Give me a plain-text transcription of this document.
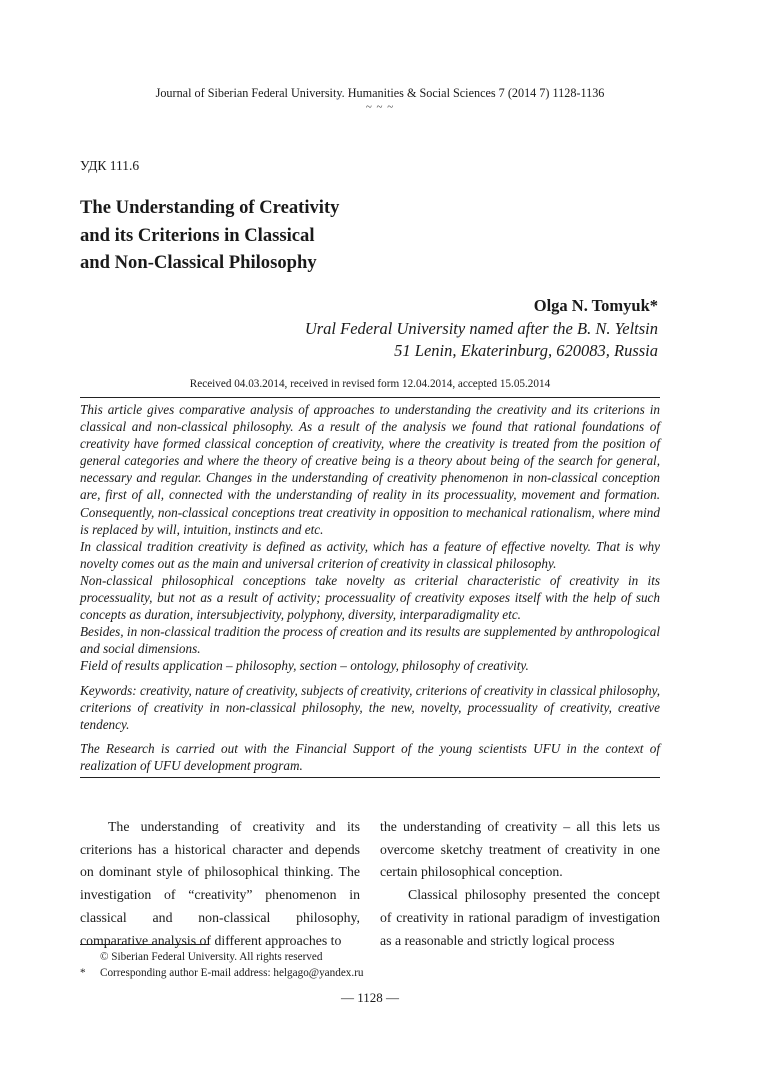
Journal of Siberian Federal University. Humanities & Social Sciences 7 (2014 7) 1128-1136
~ ~ ~
УДК 111.6
The Understanding of Creativity
and its Criterions in Classical
and Non-Classical Philosophy
Olga N. Tomyuk*
Ural Federal University named after the B. N. Yeltsin
51 Lenin, Ekaterinburg, 620083, Russia
Received 04.03.2014, received in revised form 12.04.2014, accepted 15.05.2014

This article gives comparative analysis of approaches to understanding the creativity and its criterions in classical and non-classical philosophy. As a result of the analysis we found that rational foundations of creativity have formed classical conception of creativity, where the creativity is treated from the position of general categories and where the theory of creative being is a theory about being of the search for general, necessary and regular. Changes in the understanding of creativity phenomenon in non-classical conception are, first of all, connected with the understanding of reality in its processuality, movement and formation. Consequently, non-classical conceptions treat creativity in opposition to mechanical rationalism, where mind is replaced by will, intuition, instincts and etc.

In classical tradition creativity is defined as activity, which has a feature of effective novelty. That is why novelty comes out as the main and universal criterion of creativity in classical philosophy.

Non-classical philosophical conceptions take novelty as criterial characteristic of creativity in its processuality, but not as a result of activity; processuality of creativity exposes itself with the help of such concepts as duration, intersubjectivity, polyphony, diversity, interparadigmality etc.

Besides, in non-classical tradition the process of creation and its results are supplemented by anthropological and social dimensions.

Field of results application – philosophy, section – ontology, philosophy of creativity.

Keywords: creativity, nature of creativity, subjects of creativity, criterions of creativity in classical philosophy, criterions of creativity in non-classical philosophy, the new, novelty, processuality of creativity, creative tendency.

The Research is carried out with the Financial Support of the young scientists UFU in the context of realization of UFU development program.

The understanding of creativity and its criterions has a historical character and depends on dominant style of philosophical thinking. The investigation of “creativity” phenomenon in classical and non-classical philosophy, comparative analysis of different approaches to

the understanding of creativity – all this lets us overcome sketchy treatment of creativity in one certain philosophical conception.

Classical philosophy presented the concept of creativity in rational paradigm of investigation as a reasonable and strictly logical process

© Siberian Federal University. All rights reserved
* Corresponding author E-mail address: helgago@yandex.ru
— 1128 —
